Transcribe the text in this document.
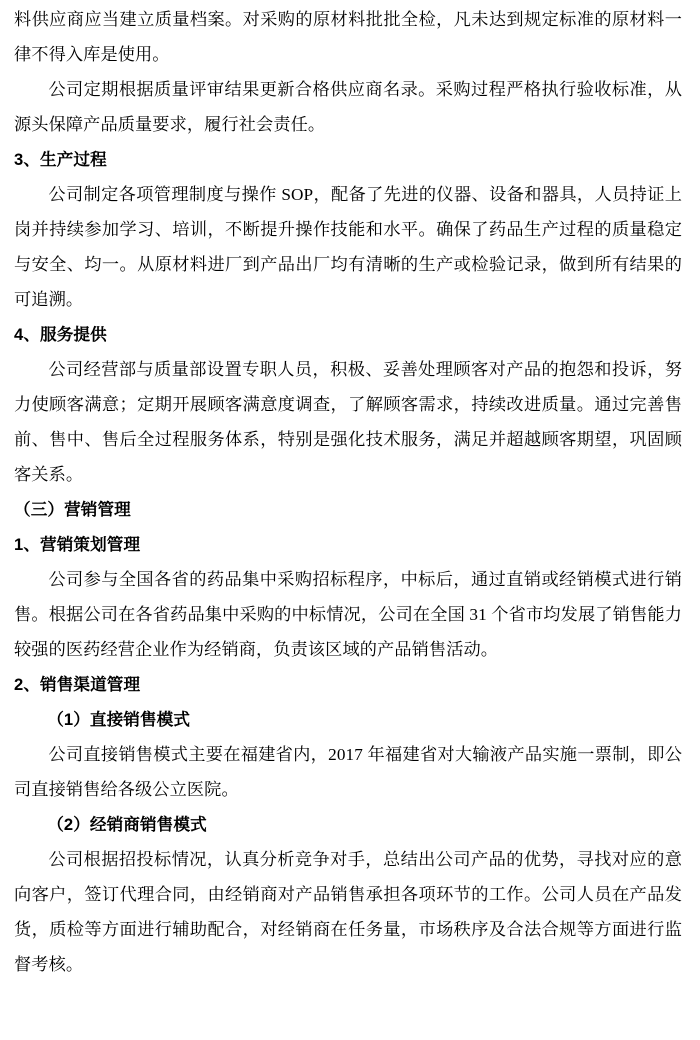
料供应商应当建立质量档案。对采购的原材料批批全检，凡未达到规定标准的原材料一律不得入库是使用。

公司定期根据质量评审结果更新合格供应商名录。采购过程严格执行验收标准，从源头保障产品质量要求，履行社会责任。

3、生产过程

公司制定各项管理制度与操作 SOP，配备了先进的仪器、设备和器具，人员持证上岗并持续参加学习、培训，不断提升操作技能和水平。确保了药品生产过程的质量稳定与安全、均一。从原材料进厂到产品出厂均有清晰的生产或检验记录，做到所有结果的可追溯。

4、服务提供

公司经营部与质量部设置专职人员，积极、妥善处理顾客对产品的抱怨和投诉，努力使顾客满意；定期开展顾客满意度调查，了解顾客需求，持续改进质量。通过完善售前、售中、售后全过程服务体系，特别是强化技术服务，满足并超越顾客期望，巩固顾客关系。

（三）营销管理

1、营销策划管理

公司参与全国各省的药品集中采购招标程序，中标后，通过直销或经销模式进行销售。根据公司在各省药品集中采购的中标情况，公司在全国 31 个省市均发展了销售能力较强的医药经营企业作为经销商，负责该区域的产品销售活动。

2、销售渠道管理

（1）直接销售模式

公司直接销售模式主要在福建省内，2017 年福建省对大输液产品实施一票制，即公司直接销售给各级公立医院。

（2）经销商销售模式

公司根据招投标情况，认真分析竞争对手，总结出公司产品的优势，寻找对应的意向客户，签订代理合同，由经销商对产品销售承担各项环节的工作。公司人员在产品发货，质检等方面进行辅助配合，对经销商在任务量，市场秩序及合法合规等方面进行监督考核。
